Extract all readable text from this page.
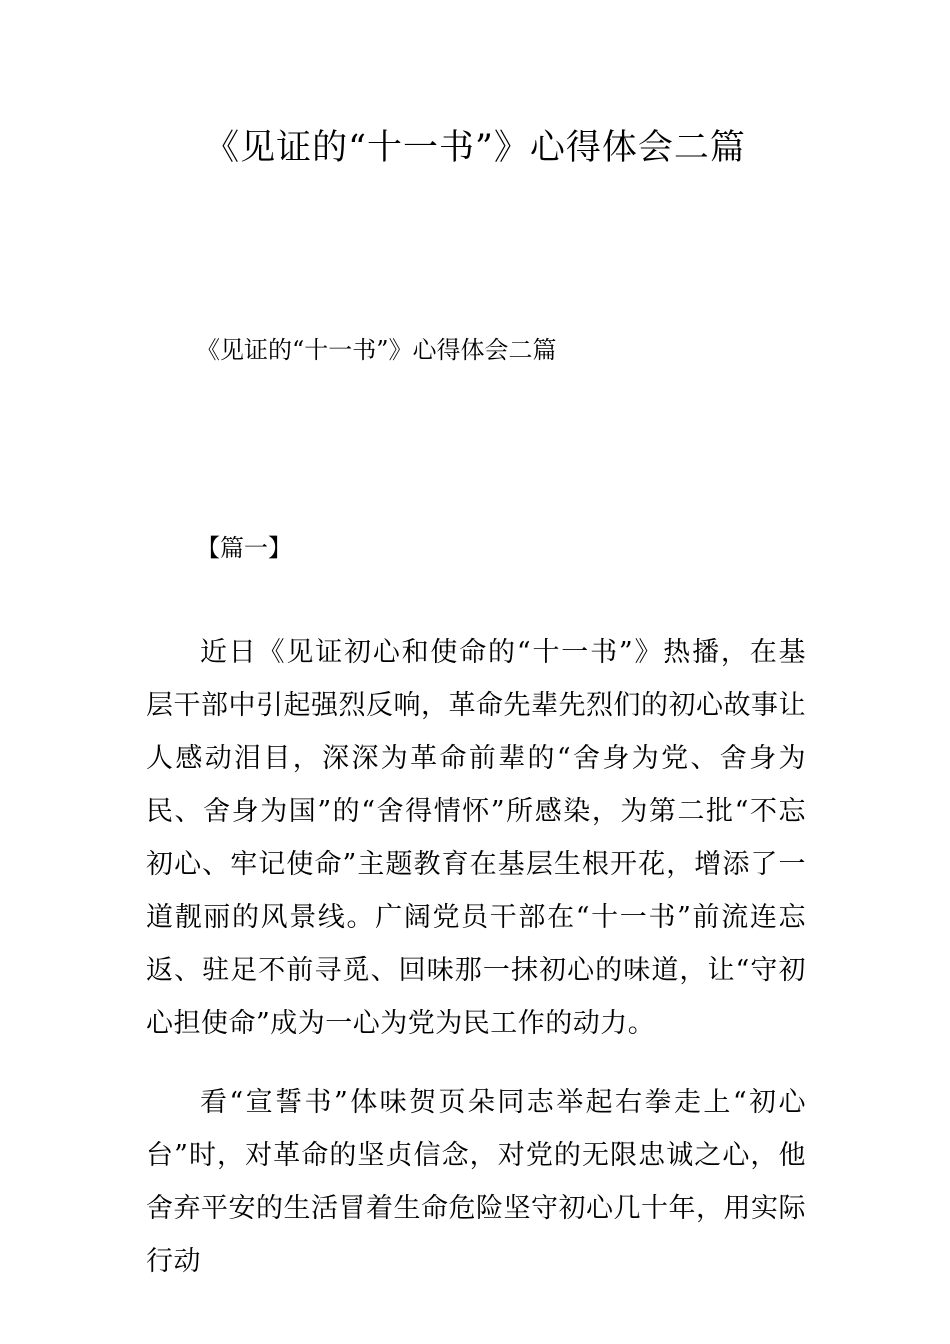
《见证的“十一书”》心得体会二篇

《见证的“十一书”》心得体会二篇

【篇一】

近日《见证初心和使命的“十一书”》热播，在基层干部中引起强烈反响，革命先辈先烈们的初心故事让人感动泪目，深深为革命前辈的“舍身为党、舍身为民、舍身为国”的“舍得情怀”所感染，为第二批“不忘初心、牢记使命”主题教育在基层生根开花，增添了一道靓丽的风景线。广阔党员干部在“十一书”前流连忘返、驻足不前寻觅、回味那一抹初心的味道，让“守初心担使命”成为一心为党为民工作的动力。

看“宣誓书”体味贺页朵同志举起右拳走上“初心台”时，对革命的坚贞信念，对党的无限忠诚之心，他舍弃平安的生活冒着生命危险坚守初心几十年，用实际行动
